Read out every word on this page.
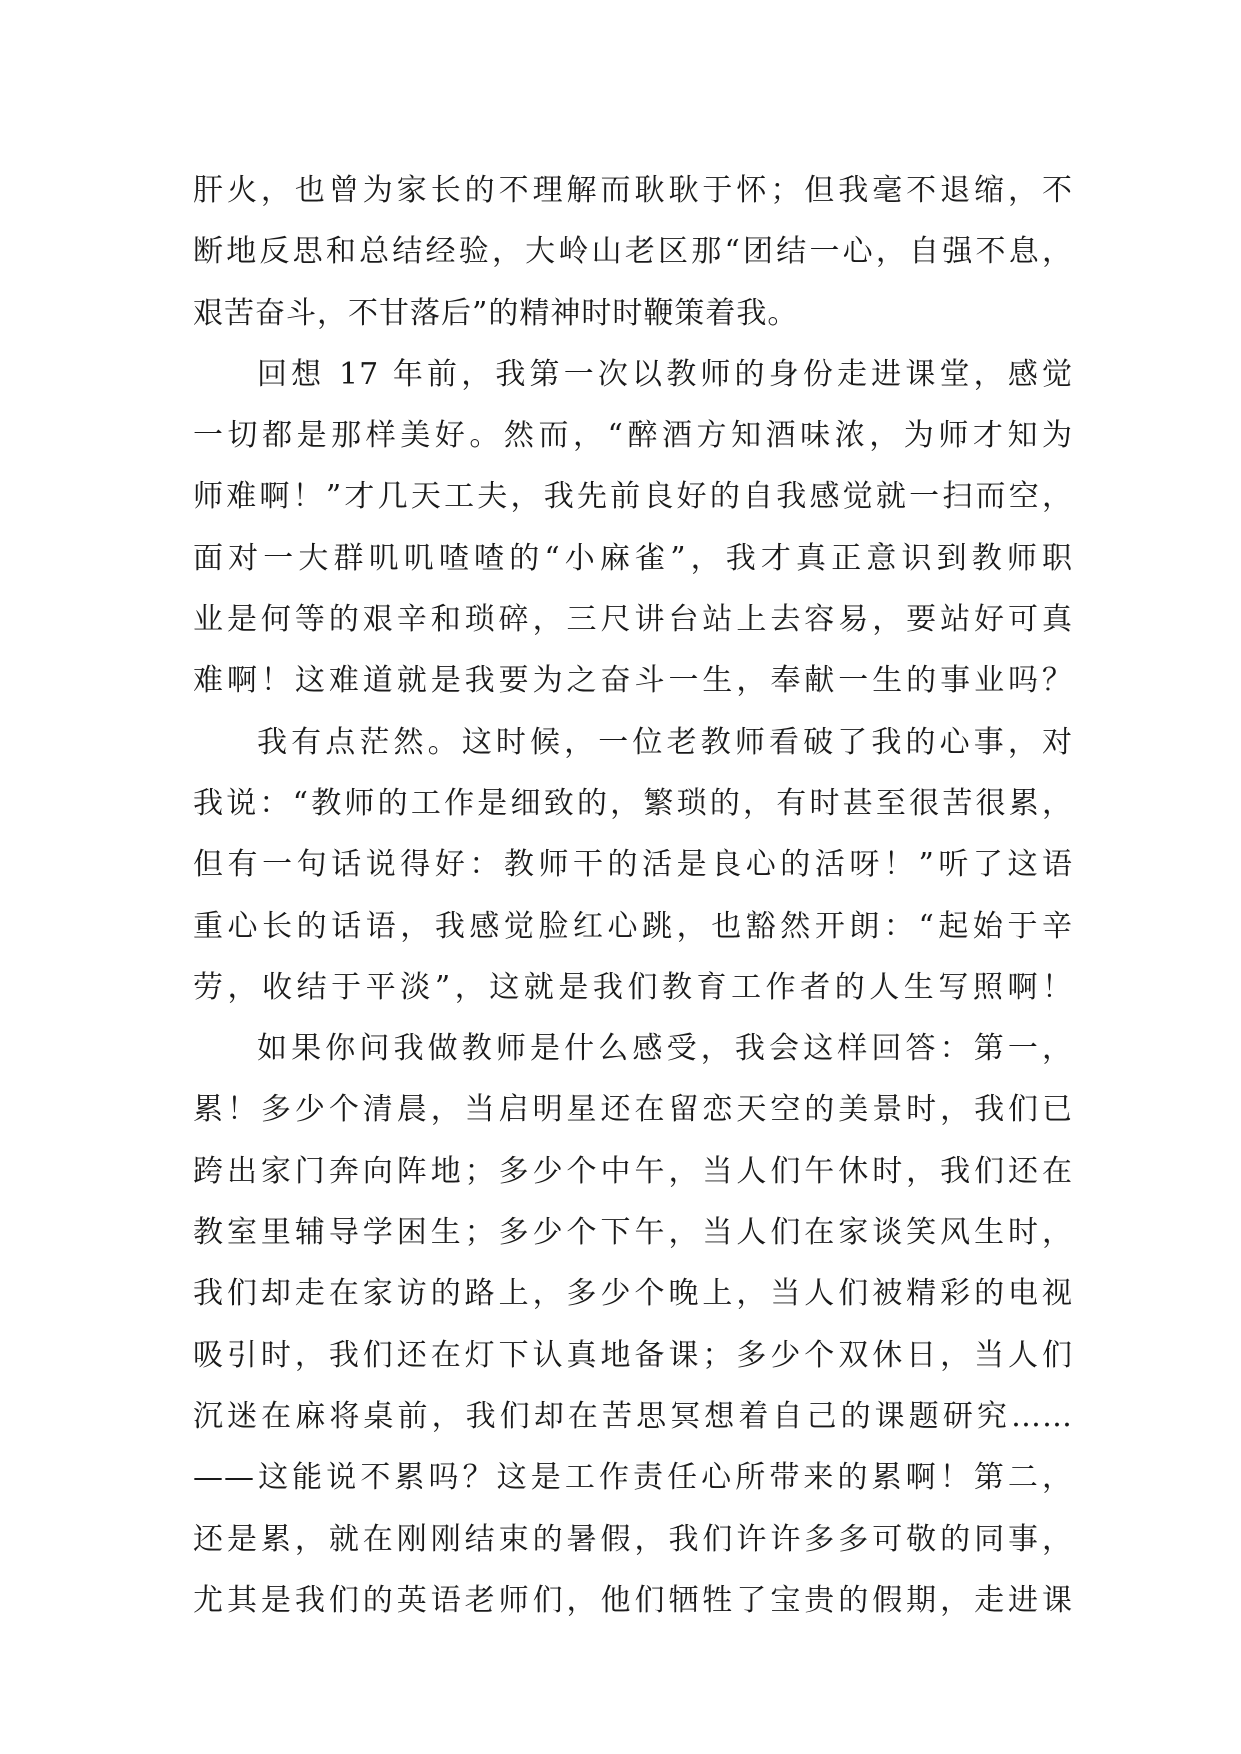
肝火，也曾为家长的不理解而耿耿于怀；但我毫不退缩，不
断地反思和总结经验，大岭山老区那“团结一心，自强不息，
艰苦奋斗，不甘落后”的精神时时鞭策着我。
回想 17 年前，我第一次以教师的身份走进课堂，感觉
一切都是那样美好。然而，“醉酒方知酒味浓，为师才知为
师难啊！”才几天工夫，我先前良好的自我感觉就一扫而空，
面对一大群叽叽喳喳的“小麻雀”，我才真正意识到教师职
业是何等的艰辛和琐碎，三尺讲台站上去容易，要站好可真
难啊！这难道就是我要为之奋斗一生，奉献一生的事业吗？
我有点茫然。这时候，一位老教师看破了我的心事，对
我说：“教师的工作是细致的，繁琐的，有时甚至很苦很累，
但有一句话说得好：教师干的活是良心的活呀！”听了这语
重心长的话语，我感觉脸红心跳，也豁然开朗：“起始于辛
劳，收结于平淡”，这就是我们教育工作者的人生写照啊！
如果你问我做教师是什么感受，我会这样回答：第一，
累！多少个清晨，当启明星还在留恋天空的美景时，我们已
跨出家门奔向阵地；多少个中午，当人们午休时，我们还在
教室里辅导学困生；多少个下午，当人们在家谈笑风生时，
我们却走在家访的路上，多少个晚上，当人们被精彩的电视
吸引时，我们还在灯下认真地备课；多少个双休日，当人们
沉迷在麻将桌前，我们却在苦思冥想着自己的课题研究……
——这能说不累吗？这是工作责任心所带来的累啊！第二，
还是累，就在刚刚结束的暑假，我们许许多多可敬的同事，
尤其是我们的英语老师们，他们牺牲了宝贵的假期，走进课
